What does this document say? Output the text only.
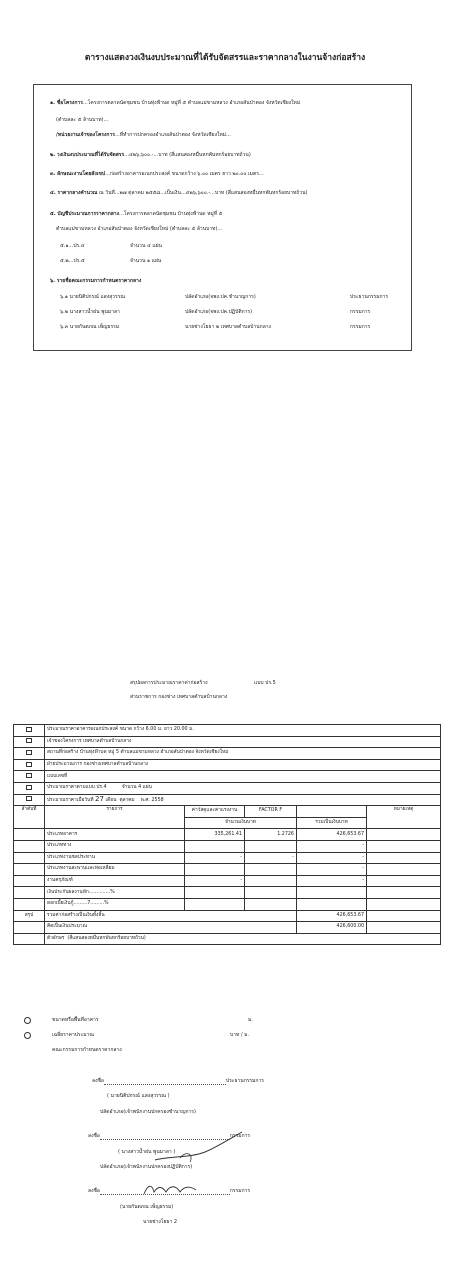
ตารางแสดงวงเงินงบประมาณที่ได้รับจัดสรรและราคากลางในงานจ้างก่อสร้าง
๑. ชื่อโครงการ...โครงการตลาดนัดชุมชน บ้านทุ่งฟ้าบด หมู่ที่ ๕ ตำบลแม่ขามหลวง อำเภอสันป่าตอง จังหวัดเชียงใหม่
(ตำบลละ ๕ ล้านบาท)...
/หน่วยงานเจ้าของโครงการ...ที่ทำการปกครองอำเภอสันป่าตอง จังหวัดเชียงใหม่...
๒. วงเงินงบประมาณที่ได้รับจัดสรร...๔๒๖,๖๐๐.-...บาท (สี่แสนสองหมื่นหกพันหกร้อยบาทถ้วน)
๓. ลักษณะงานโดยสังเขป...ก่อสร้างอาคารอเนกประสงค์ ขนาดกว้าง ๖.๐๐ เมตร ยาว ๒๐.๐๐ เมตร...
๔. ราคากลางคำนวณ ณ วันที่...๒๗ ตุลาคม ๒๕๕๘...เป็นเงิน...๔๒๖,๖๐๐.-...บาท (สี่แสนสองหมื่นหกพันหกร้อยบาทถ้วน)
๕. บัญชีประมาณการราคากลาง...โครงการตลาดนัดชุมชน บ้านทุ่งฟ้าบด หมู่ที่ ๕
ตำบลแม่ขามหลวง อำเภอสันป่าตอง จังหวัดเชียงใหม่ (ตำบลละ ๕ ล้านบาท)...
๕.๑...ปร.๔	จำนวน ๔ แผ่น
๕.๒...ปร.๕	จำนวน ๑ แผ่น
๖. รายชื่อคณะกรรมการกำหนดราคากลาง
๖.๑ นายนิติปกรณ์ แสงสุวรรณ	ปลัดอำเภอ(จพง.ปค.ชำนาญการ)	ประธานกรรมการ
๖.๒ นางสาวน้ำฝน พูนมาลา	ปลัดอำเภอ(จพง.ปค.ปฏิบัติการ)	กรรมการ
๖.๓ นายกันตภณ เพ็ญธรรม	นายช่างโยธา ๒ เทศบาลตำบลบ้านกลาง	กรรมการ
สรุปผลการประมาณราคาค่าก่อสร้าง	แบบ ปร.5
ส่วนราชการ กองช่าง เทศบาลตำบลบ้านกลาง
	ประมาณราคาอาคารอเนกประสงค์ ขนาด กว้าง 6.00 ม. ยาว 20.00 ม.				
	เจ้าของโครงการ เทศบาลตำบลบ้านกลาง				
	สถานที่ก่อสร้าง บ้านทุ่งฟ้าบด หมู่ 5 ตำบลแม่ขามหลวง อำเภอสันป่าตอง จังหวัดเชียงใหม่				
	ฝ่ายประมาณการ กองช่างเทศบาลตำบลบ้านกลาง				
	แบบเลขที่				
	ประมาณราคาตามแบบ ปร.4 จำนวน 4 แผ่น				
	ประมาณราคาเมื่อวันที่ 27 เดือน ตุลาคม พ.ศ. 2558				
ลำดับที่	รายการ	ค่าวัสดุและค่าแรงงาน	FACTOR F		หมายเหตุ
		จำนวนเงินบาท		รวมเป็นเงินบาท	
	ประเภทอาคาร	335,261.41	1.2726	426,653.67	
	ประเภททาง			-	
	ประเภทงานชลประทาน	-	-	-	
	ประเภทงานสะพานและท่อเหลี่ยม			-	
	งานครุภัณฑ์	-		-	
	เงินประกันผลงานหัก..............%				
	ดอกเบี้ยเงินกู้.........7.........%				
สรุป	รวมค่าก่อสร้างเป็นเงินทั้งสิ้น			426,653.67	
	คิดเป็นเงินประมาณ			426,600.00	
	ตัวอักษร (สี่แสนสองหมื่นหกพันหกร้อยบาทถ้วน)				
ขนาดหรือพื้นที่อาคาร	ม.
เฉลี่ยราคาประมาณ	บาท / ม.
คณะกรรมการกำหนดราคากลาง
ลงชื่อ	ประธานกรรมการ
( นายนิติปกรณ์ แสงสุวรรณ )
ปลัดอำเภอ(เจ้าพนักงานปกครองชำนาญการ)
ลงชื่อ	กรรมการ
( นางสาวน้ำฝน พูนมาลา )
ปลัดอำเภอ(เจ้าพนักงานปกครองปฏิบัติการ)
ลงชื่อ	กรรมการ
(นายกันตภณ เพ็ญธรรม)
นายช่างโยธา 2
